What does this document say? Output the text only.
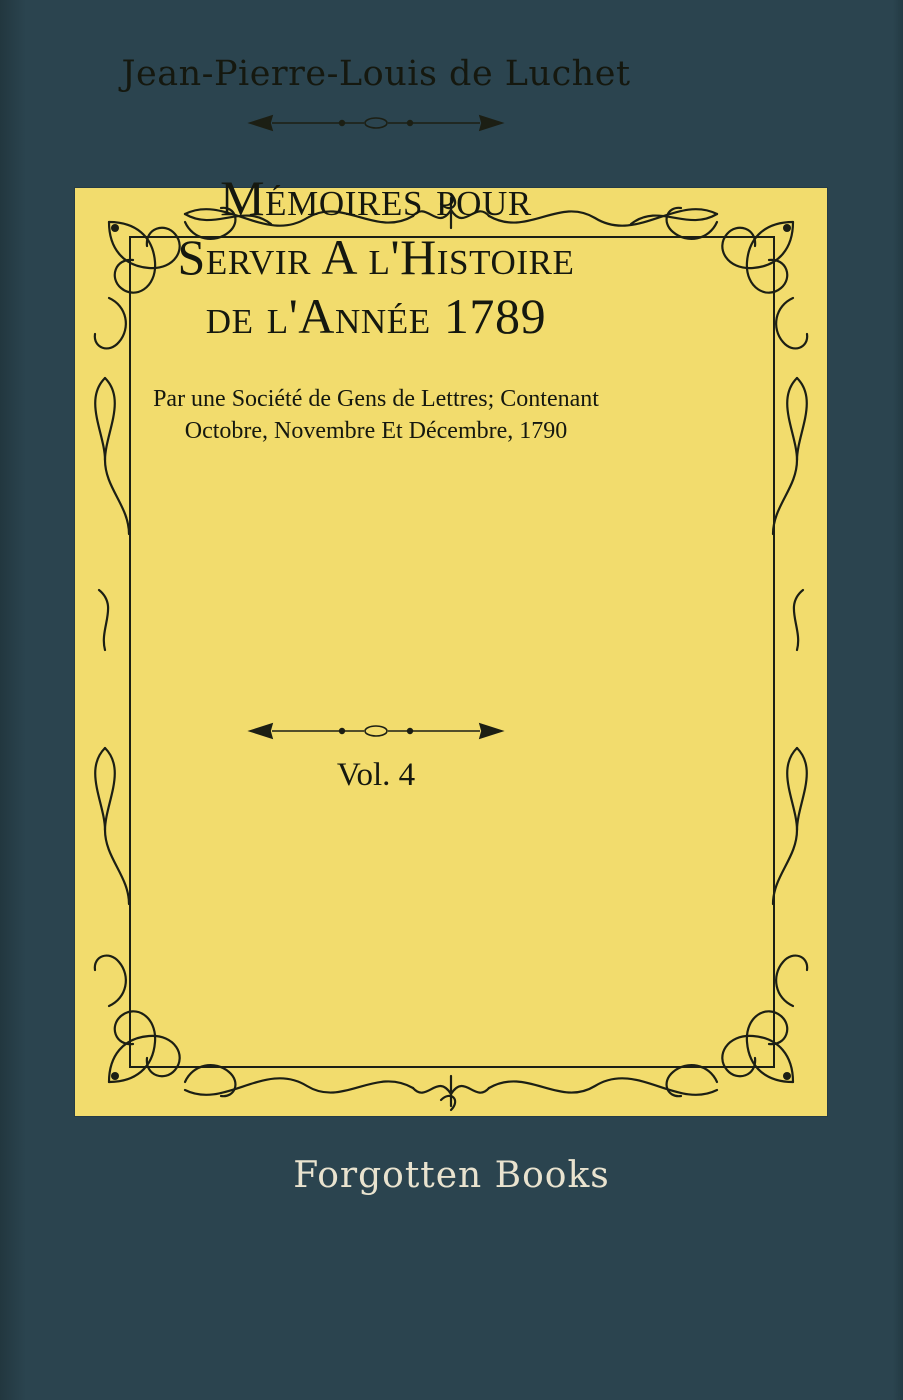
Jean-Pierre-Louis de Luchet
Mémoires pour
Servir A l'Histoire
de l'Année 1789
Par une Société de Gens de Lettres; Contenant
Octobre, Novembre Et Décembre, 1790
Vol. 4
Forgotten Books
